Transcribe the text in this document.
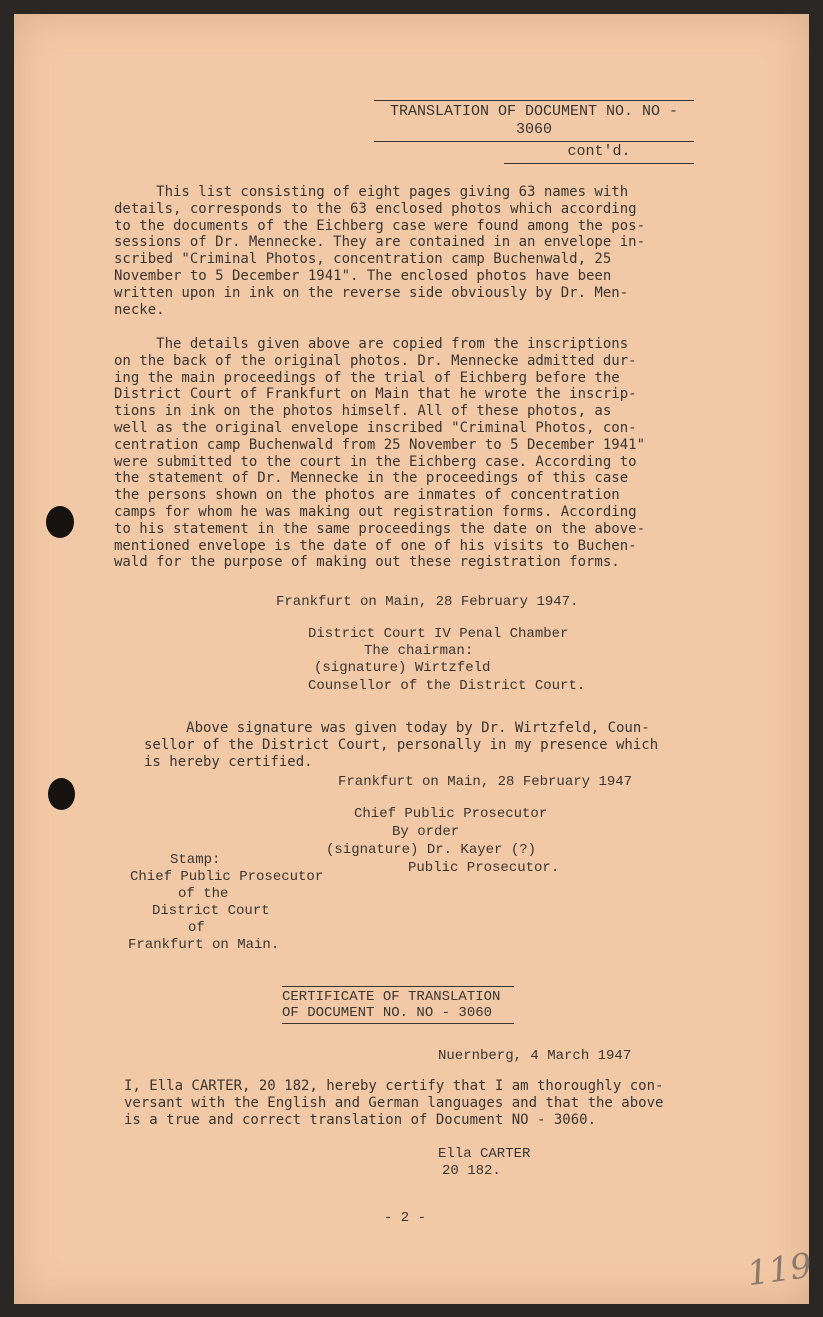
TRANSLATION OF DOCUMENT NO. NO - 3060
cont'd.
This list consisting of eight pages giving 63 names with
details, corresponds to the 63 enclosed photos which according
to the documents of the Eichberg case were found among the pos-
sessions of Dr. Mennecke. They are contained in an envelope in-
scribed "Criminal Photos, concentration camp Buchenwald, 25
November to 5 December 1941". The enclosed photos have been
written upon in ink on the reverse side obviously by Dr. Men-
necke.
The details given above are copied from the inscriptions
on the back of the original photos. Dr. Mennecke admitted dur-
ing the main proceedings of the trial of Eichberg before the
District Court of Frankfurt on Main that he wrote the inscrip-
tions in ink on the photos himself. All of these photos, as
well as the original envelope inscribed "Criminal Photos, con-
centration camp Buchenwald from 25 November to 5 December 1941"
were submitted to the court in the Eichberg case. According to
the statement of Dr. Mennecke in the proceedings of this case
the persons shown on the photos are inmates of concentration
camps for whom he was making out registration forms. According
to his statement in the same proceedings the date on the above-
mentioned envelope is the date of one of his visits to Buchen-
wald for the purpose of making out these registration forms.
Frankfurt on Main, 28 February 1947.
District Court IV Penal Chamber
The chairman:
(signature) Wirtzfeld
Counsellor of the District Court.
Above signature was given today by Dr. Wirtzfeld, Coun-
sellor of the District Court, personally in my presence which
is hereby certified.
Frankfurt on Main, 28 February 1947
Chief Public Prosecutor
By order
(signature) Dr. Kayer (?)
Public Prosecutor.
Stamp:
Chief Public Prosecutor
of the
District Court
of
Frankfurt on Main.
CERTIFICATE OF TRANSLATION
OF DOCUMENT NO. NO - 3060
Nuernberg, 4 March 1947
I, Ella CARTER, 20 182, hereby certify that I am thoroughly con-
versant with the English and German languages and that the above
is a true and correct translation of Document NO - 3060.
Ella CARTER
20 182.
- 2 -
119
